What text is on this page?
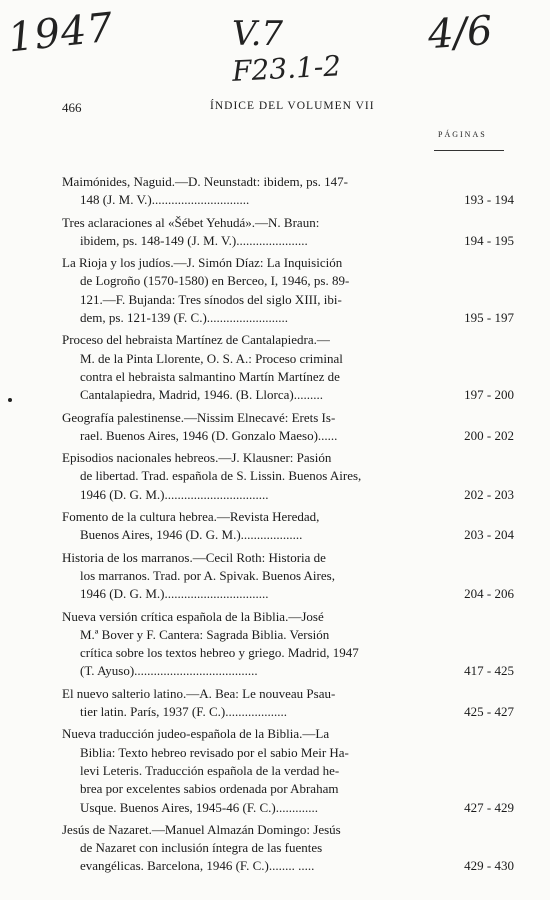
1947	V.7	4/6
F23.1-2
466	ÍNDICE DEL VOLUMEN VII
PÁGINAS
Maimónides, Naguid.—D. Neunstadt: ibidem, ps. 147-
148 (J. M. V.)..............................	193 - 194
Tres aclaraciones al «Šébet Yehudá».—N. Braun:
ibidem, ps. 148-149 (J. M. V.)......................	194 - 195
La Rioja y los judíos.—J. Simón Díaz: La Inquisición
de Logroño (1570-1580) en Berceo, I, 1946, ps. 89-
121.—F. Bujanda: Tres sínodos del siglo XIII, ibi-
dem, ps. 121-139 (F. C.).........................	195 - 197
Proceso del hebraista Martínez de Cantalapiedra.—
M. de la Pinta Llorente, O. S. A.: Proceso criminal
contra el hebraista salmantino Martín Martínez de
Cantalapiedra, Madrid, 1946. (B. Llorca).........	197 - 200
Geografía palestinense.—Nissim Elnecavé: Erets Is-
rael. Buenos Aires, 1946 (D. Gonzalo Maeso)......	200 - 202
Episodios nacionales hebreos.—J. Klausner: Pasión
de libertad. Trad. española de S. Lissin. Buenos Aires,
1946 (D. G. M.)................................	202 - 203
Fomento de la cultura hebrea.—Revista Heredad,
Buenos Aires, 1946 (D. G. M.)...................	203 - 204
Historia de los marranos.—Cecil Roth: Historia de
los marranos. Trad. por A. Spivak. Buenos Aires,
1946 (D. G. M.)................................	204 - 206
Nueva versión crítica española de la Biblia.—José
M.ª Bover y F. Cantera: Sagrada Biblia. Versión
crítica sobre los textos hebreo y griego. Madrid, 1947
(T. Ayuso)......................................	417 - 425
El nuevo salterio latino.—A. Bea: Le nouveau Psau-
tier latin. París, 1937 (F. C.)...................	425 - 427
Nueva traducción judeo-española de la Biblia.—La
Biblia: Texto hebreo revisado por el sabio Meir Ha-
levi Leteris. Traducción española de la verdad he-
brea por excelentes sabios ordenada por Abraham
Usque. Buenos Aires, 1945-46 (F. C.).............	427 - 429
Jesús de Nazaret.—Manuel Almazán Domingo: Jesús
de Nazaret con inclusión íntegra de las fuentes
evangélicas. Barcelona, 1946 (F. C.)........ .....	429 - 430
